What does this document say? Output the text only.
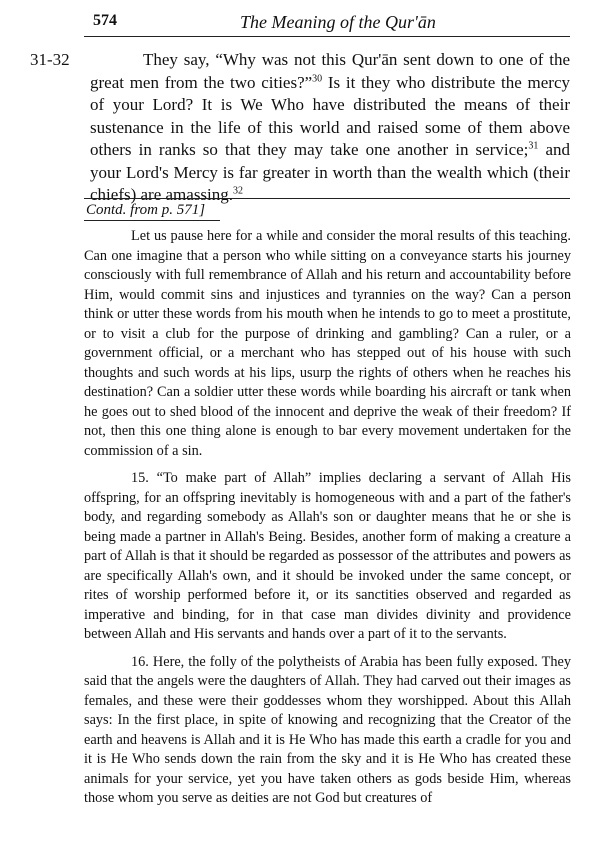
574	The Meaning of the Qur'ān
31-32	They say, “Why was not this Qur'ān sent down to one of the great men from the two cities?”$^{30}$ Is it they who distribute the mercy of your Lord? It is We Who have distributed the means of their sustenance in the life of this world and raised some of them above others in ranks so that they may take one another in service;$^{31}$ and your Lord's Mercy is far greater in worth than the wealth which (their chiefs) are amassing.$^{32}$
Contd. from p. 571]

Let us pause here for a while and consider the moral results of this teaching. Can one imagine that a person who while sitting on a conveyance starts his journey consciously with full remembrance of Allah and his return and accountability before Him, would commit sins and injustices and tyrannies on the way? Can a person think or utter these words from his mouth when he intends to go to meet a prostitute, or to visit a club for the purpose of drinking and gambling? Can a ruler, or a government official, or a merchant who has stepped out of his house with such thoughts and such words at his lips, usurp the rights of others when he reaches his destination? Can a soldier utter these words while boarding his aircraft or tank when he goes out to shed blood of the innocent and deprive the weak of their freedom? If not, then this one thing alone is enough to bar every movement undertaken for the commission of a sin.

15. “To make part of Allah” implies declaring a servant of Allah His offspring, for an offspring inevitably is homogeneous with and a part of the father's body, and regarding somebody as Allah's son or daughter means that he or she is being made a partner in Allah's Being. Besides, another form of making a creature a part of Allah is that it should be regarded as possessor of the attributes and powers as are specifically Allah's own, and it should be invoked under the same concept, or rites of worship performed before it, or its sanctities observed and regarded as imperative and binding, for in that case man divides divinity and providence between Allah and His servants and hands over a part of it to the servants.

16. Here, the folly of the polytheists of Arabia has been fully exposed. They said that the angels were the daughters of Allah. They had carved out their images as females, and these were their goddesses whom they worshipped. About this Allah says: In the first place, in spite of knowing and recognizing that the Creator of the earth and heavens is Allah and it is He Who has made this earth a cradle for you and it is He Who sends down the rain from the sky and it is He Who has created these animals for your service, yet you have taken others as gods beside Him, whereas those whom you serve as deities are not God but creatures of
